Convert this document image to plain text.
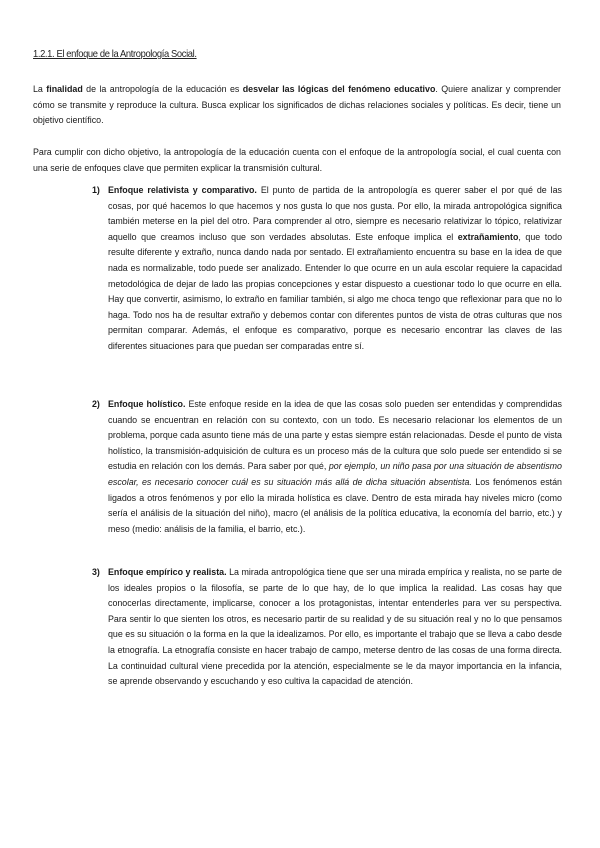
1.2.1. El enfoque de la Antropología Social.

La finalidad de la antropología de la educación es desvelar las lógicas del fenómeno educativo. Quiere analizar y comprender cómo se transmite y reproduce la cultura. Busca explicar los significados de dichas relaciones sociales y políticas. Es decir, tiene un objetivo científico.

Para cumplir con dicho objetivo, la antropología de la educación cuenta con el enfoque de la antropología social, el cual cuenta con una serie de enfoques clave que permiten explicar la transmisión cultural.

1) Enfoque relativista y comparativo. El punto de partida de la antropología es querer saber el por qué de las cosas, por qué hacemos lo que hacemos y nos gusta lo que nos gusta. Por ello, la mirada antropológica significa también meterse en la piel del otro. Para comprender al otro, siempre es necesario relativizar lo tópico, relativizar aquello que creamos incluso que son verdades absolutas. Este enfoque implica el extrañamiento, que todo resulte diferente y extraño, nunca dando nada por sentado. El extrañamiento encuentra su base en la idea de que nada es normalizable, todo puede ser analizado. Entender lo que ocurre en un aula escolar requiere la capacidad metodológica de dejar de lado las propias concepciones y estar dispuesto a cuestionar todo lo que ocurre en ella. Hay que convertir, asimismo, lo extraño en familiar también, si algo me choca tengo que reflexionar para que no lo haga. Todo nos ha de resultar extraño y debemos contar con diferentes puntos de vista de otras culturas que nos permitan comparar. Además, el enfoque es comparativo, porque es necesario encontrar las claves de las diferentes situaciones para que puedan ser comparadas entre sí.
2) Enfoque holístico. Este enfoque reside en la idea de que las cosas solo pueden ser entendidas y comprendidas cuando se encuentran en relación con su contexto, con un todo. Es necesario relacionar los elementos de un problema, porque cada asunto tiene más de una parte y estas siempre están relacionadas. Desde el punto de vista holístico, la transmisión-adquisición de cultura es un proceso más de la cultura que solo puede ser entendido si se estudia en relación con los demás. Para saber por qué, por ejemplo, un niño pasa por una situación de absentismo escolar, es necesario conocer cuál es su situación más allá de dicha situación absentista. Los fenómenos están ligados a otros fenómenos y por ello la mirada holística es clave. Dentro de esta mirada hay niveles micro (como sería el análisis de la situación del niño), macro (el análisis de la política educativa, la economía del barrio, etc.) y meso (medio: análisis de la familia, el barrio, etc.).
3) Enfoque empírico y realista. La mirada antropológica tiene que ser una mirada empírica y realista, no se parte de los ideales propios o la filosofía, se parte de lo que hay, de lo que implica la realidad. Las cosas hay que conocerlas directamente, implicarse, conocer a los protagonistas, intentar entenderles para ver su perspectiva. Para sentir lo que sienten los otros, es necesario partir de su realidad y de su situación real y no lo que pensamos que es su situación o la forma en la que la idealizamos. Por ello, es importante el trabajo que se lleva a cabo desde la etnografía. La etnografía consiste en hacer trabajo de campo, meterse dentro de las cosas de una forma directa. La continuidad cultural viene precedida por la atención, especialmente se le da mayor importancia en la infancia, se aprende observando y escuchando y eso cultiva la capacidad de atención.
